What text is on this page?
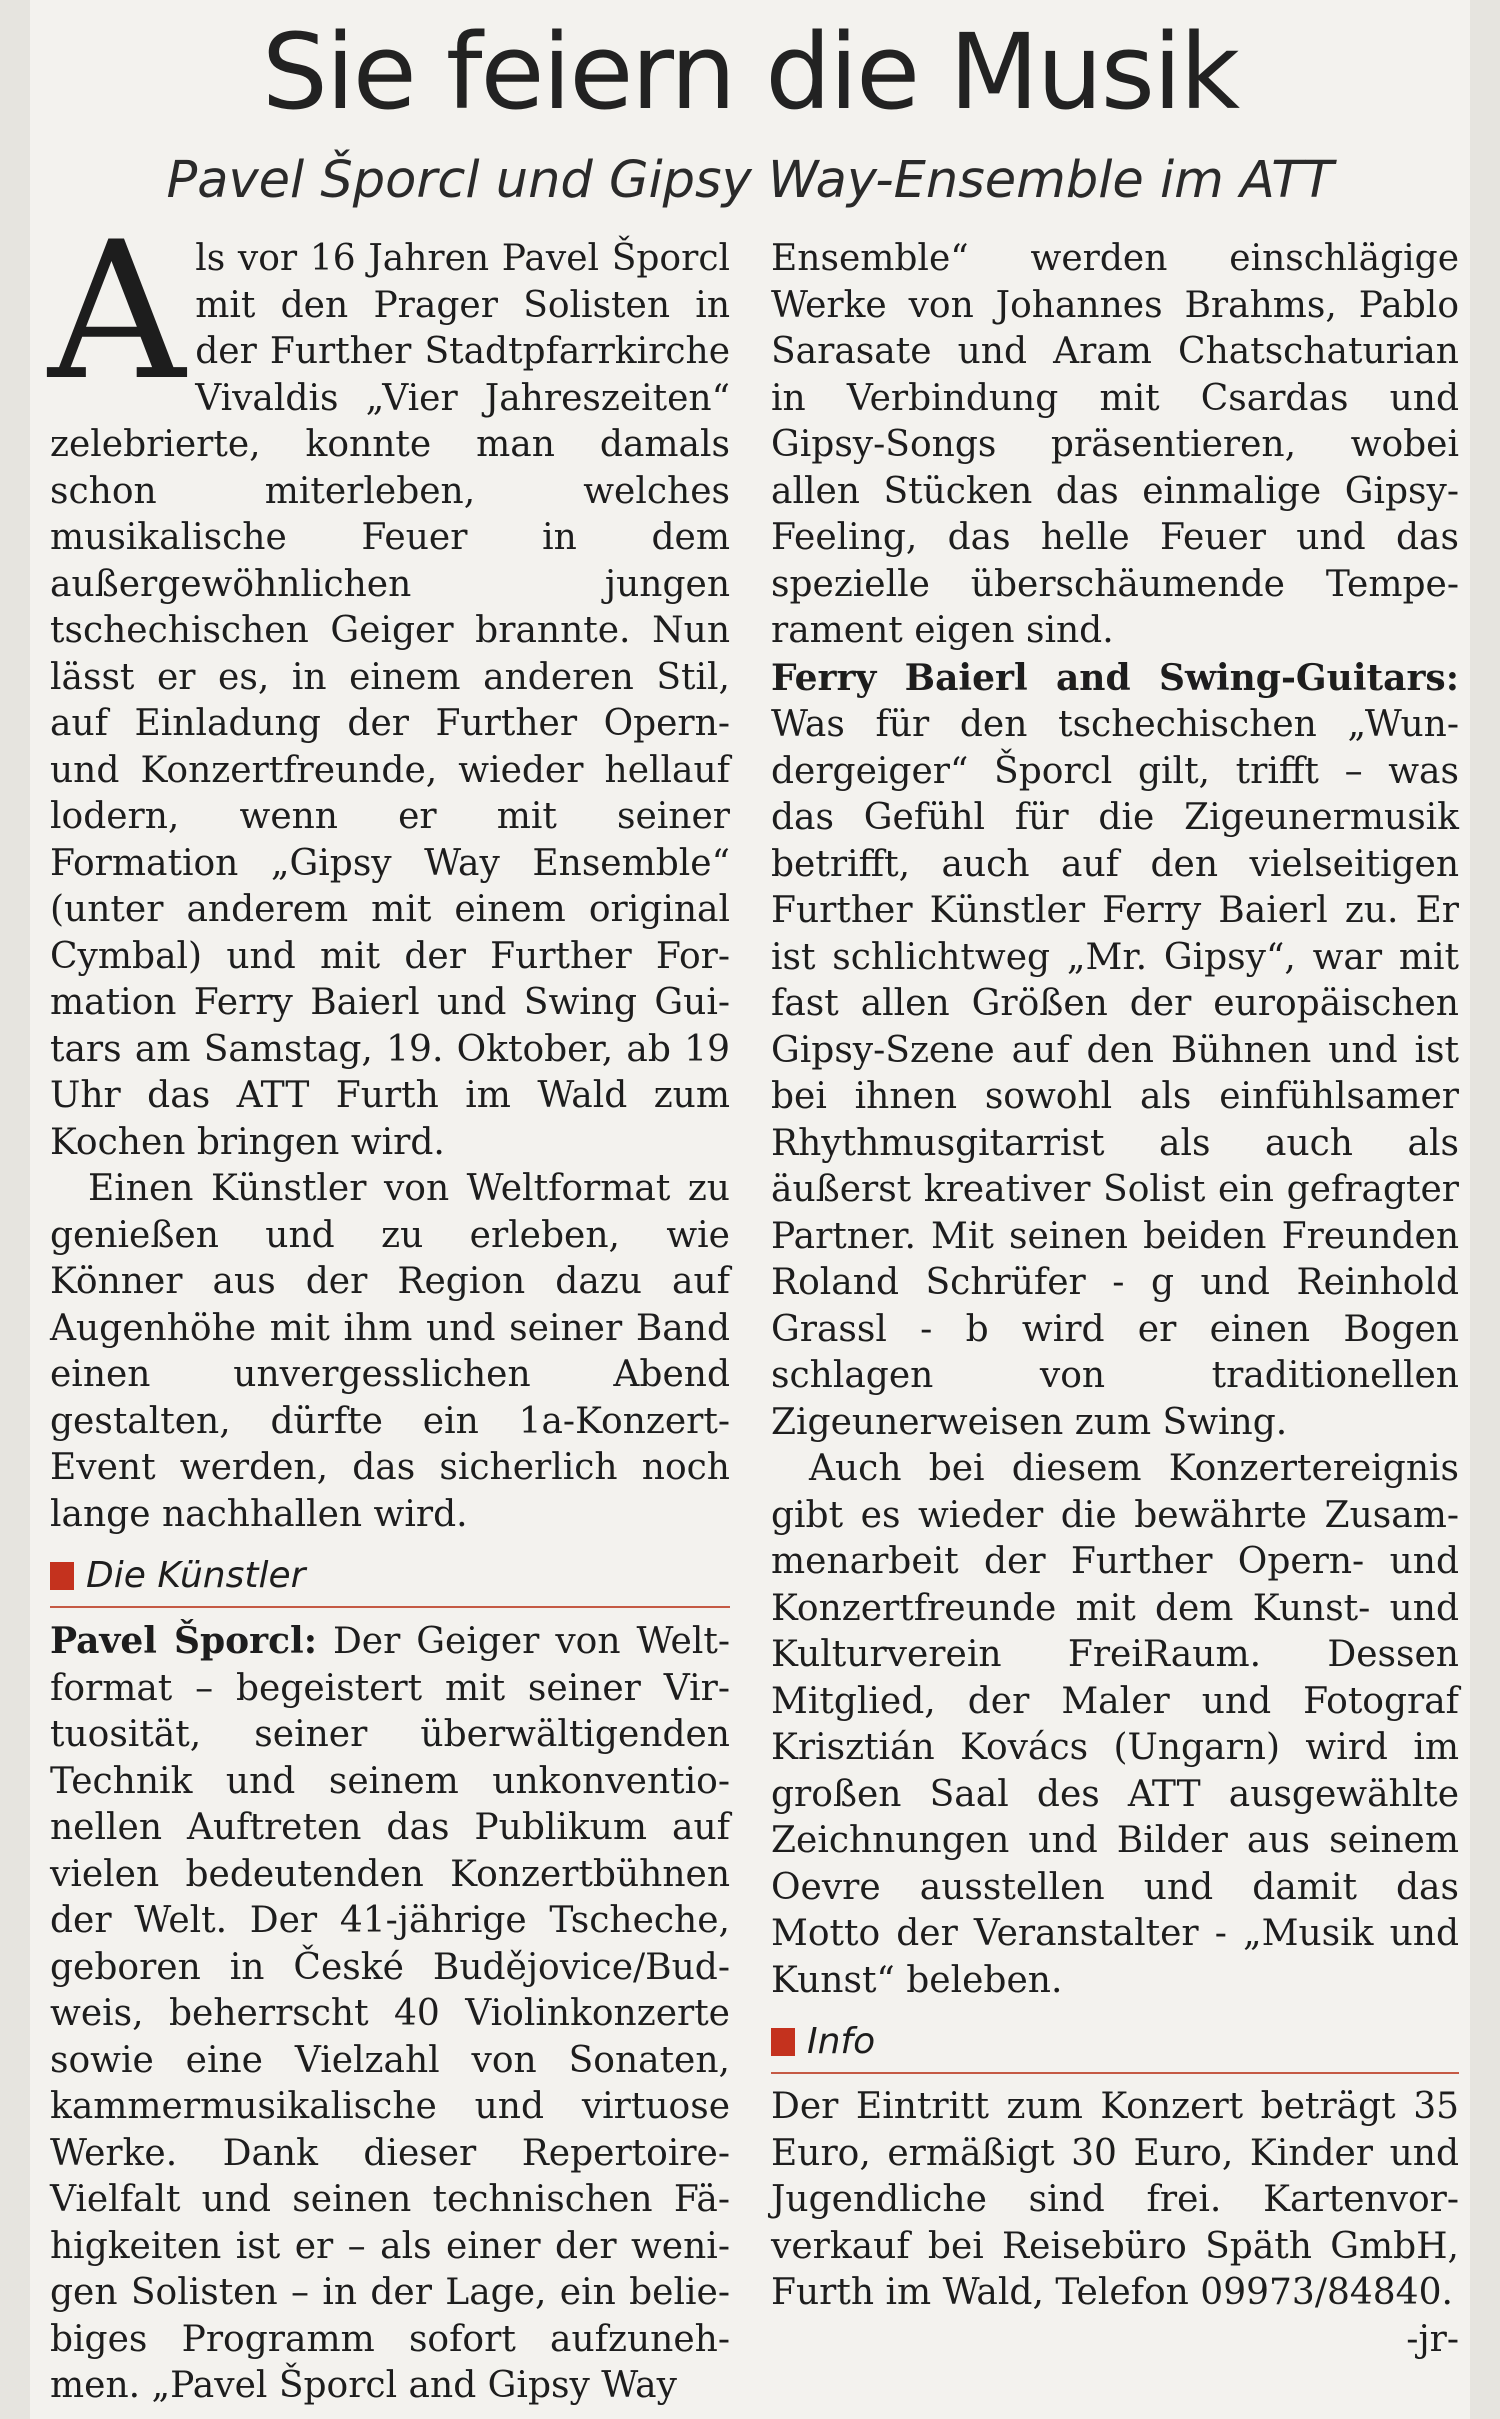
Sie feiern die Musik
Pavel Šporcl und Gipsy Way-Ensemble im ATT

Als vor 16 Jahren Pavel Šporcl mit den Prager Solisten in der Further Stadtpfarrkirche Vivaldis „Vier Jahreszeiten“ zelebrierte, konnte man damals schon miterleben, welches musikalische Feuer in dem außergewöhnlichen jungen tschechischen Geiger brannte. Nun lässt er es, in einem anderen Stil, auf Einladung der Further Opern- und Konzertfreunde, wieder hellauf lodern, wenn er mit seiner Formation „Gipsy Way Ensemble“ (unter anderem mit einem original Cymbal) und mit der Further Formation Ferry Baierl und Swing Guitars am Samstag, 19. Oktober, ab 19 Uhr das ATT Furth im Wald zum Kochen bringen wird.

Einen Künstler von Weltformat zu genießen und zu erleben, wie Könner aus der Region dazu auf Augenhöhe mit ihm und seiner Band einen unvergesslichen Abend gestalten, dürfte ein 1a-Konzert-Event werden, das sicherlich noch lange nachhallen wird.

Die Künstler

Pavel Šporcl: Der Geiger von Weltformat – begeistert mit seiner Virtuosität, seiner überwältigenden Technik und seinem unkonventionellen Auftreten das Publikum auf vielen bedeutenden Konzertbühnen der Welt. Der 41-jährige Tscheche, geboren in České Budějovice/Budweis, beherrscht 40 Violinkonzerte sowie eine Vielzahl von Sonaten, kammermusikalische und virtuose Werke. Dank dieser Repertoire-Vielfalt und seinen technischen Fähigkeiten ist er – als einer der wenigen Solisten – in der Lage, ein beliebiges Programm sofort aufzunehmen. „Pavel Šporcl and Gipsy Way

Ensemble“ werden einschlägige Werke von Johannes Brahms, Pablo Sarasate und Aram Chatschaturian in Verbindung mit Csardas und Gipsy-Songs präsentieren, wobei allen Stücken das einmalige Gipsy-Feeling, das helle Feuer und das spezielle überschäumende Temperament eigen sind.

Ferry Baierl and Swing-Guitars: Was für den tschechischen „Wundergeiger“ Šporcl gilt, trifft – was das Gefühl für die Zigeunermusik betrifft, auch auf den vielseitigen Further Künstler Ferry Baierl zu. Er ist schlichtweg „Mr. Gipsy“, war mit fast allen Größen der europäischen Gipsy-Szene auf den Bühnen und ist bei ihnen sowohl als einfühlsamer Rhythmusgitarrist als auch als äußerst kreativer Solist ein gefragter Partner. Mit seinen beiden Freunden Roland Schrüfer - g und Reinhold Grassl - b wird er einen Bogen schlagen von traditionellen Zigeunerweisen zum Swing.

Auch bei diesem Konzertereignis gibt es wieder die bewährte Zusammenarbeit der Further Opern- und Konzertfreunde mit dem Kunst- und Kulturverein FreiRaum. Dessen Mitglied, der Maler und Fotograf Krisztián Kovács (Ungarn) wird im großen Saal des ATT ausgewählte Zeichnungen und Bilder aus seinem Oevre ausstellen und damit das Motto der Veranstalter - „Musik und Kunst“ beleben.

Info

Der Eintritt zum Konzert beträgt 35 Euro, ermäßigt 30 Euro, Kinder und Jugendliche sind frei. Kartenvorverkauf bei Reisebüro Späth GmbH, Furth im Wald, Telefon 09973/84840.
-jr-
